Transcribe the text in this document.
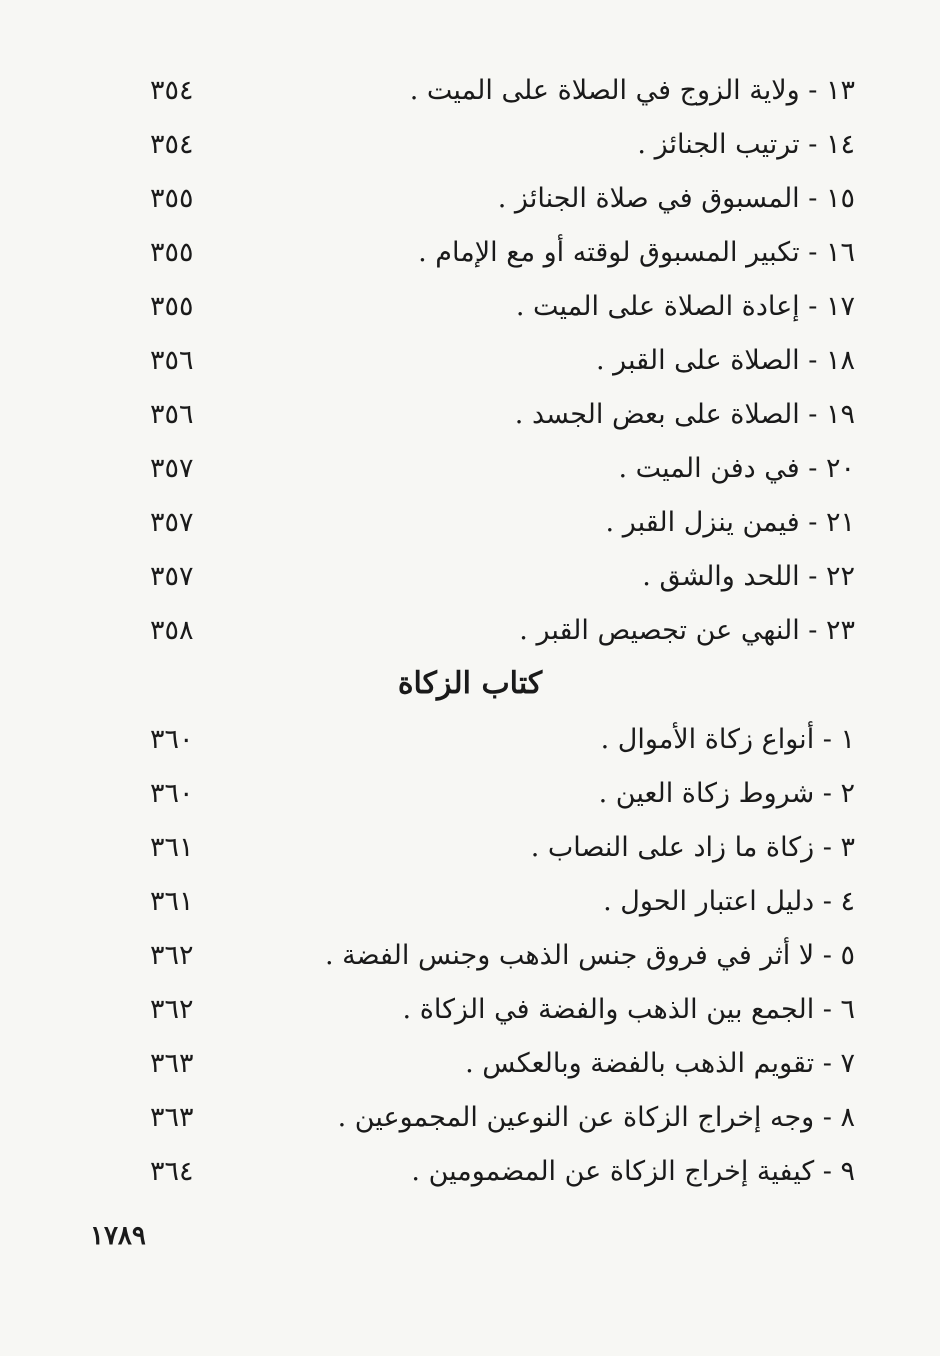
١٣ - ولاية الزوج في الصلاة على الميت .
٣٥٤
١٤ - ترتيب الجنائز .
٣٥٤
١٥ - المسبوق في صلاة الجنائز .
٣٥٥
١٦ - تكبير المسبوق لوقته أو مع الإمام .
٣٥٥
١٧ - إعادة الصلاة على الميت .
٣٥٥
١٨ - الصلاة على القبر .
٣٥٦
١٩ - الصلاة على بعض الجسد .
٣٥٦
٢٠ - في دفن الميت .
٣٥٧
٢١ - فيمن ينزل القبر .
٣٥٧
٢٢ - اللحد والشق .
٣٥٧
٢٣ - النهي عن تجصيص القبر .
٣٥٨
كتاب الزكاة
١ - أنواع زكاة الأموال .
٣٦٠
٢ - شروط زكاة العين .
٣٦٠
٣ - زكاة ما زاد على النصاب .
٣٦١
٤ - دليل اعتبار الحول .
٣٦١
٥ - لا أثر في فروق جنس الذهب وجنس الفضة .
٣٦٢
٦ - الجمع بين الذهب والفضة في الزكاة .
٣٦٢
٧ - تقويم الذهب بالفضة وبالعكس .
٣٦٣
٨ - وجه إخراج الزكاة عن النوعين المجموعين .
٣٦٣
٩ - كيفية إخراج الزكاة عن المضمومين .
٣٦٤
١٧٨٩
